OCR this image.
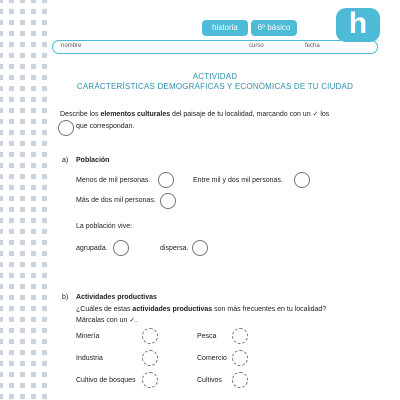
historia	6º básico	h
nombre	curso	fecha
ACTIVIDAD
CARÁCTERÍSTICAS DEMOGRÁFICAS Y ECONÓMICAS DE TU CIUDAD
Describe los elementos culturales del paisaje de tu localidad, marcando con un ✓ los
que correspondan.
a) Población
Menos de mil personas.	Entre mil y dos mil personas.
Más de dos mil personas.
La población vive:
agrupada.	dispersa.
b) Actividades productivas
¿Cuáles de estas actividades productivas son más frecuentes en tu localidad?
Márcalas con un ✓.
Minería	Pesca
Industria	Comercio
Cultivo de bosques	Cultivos
